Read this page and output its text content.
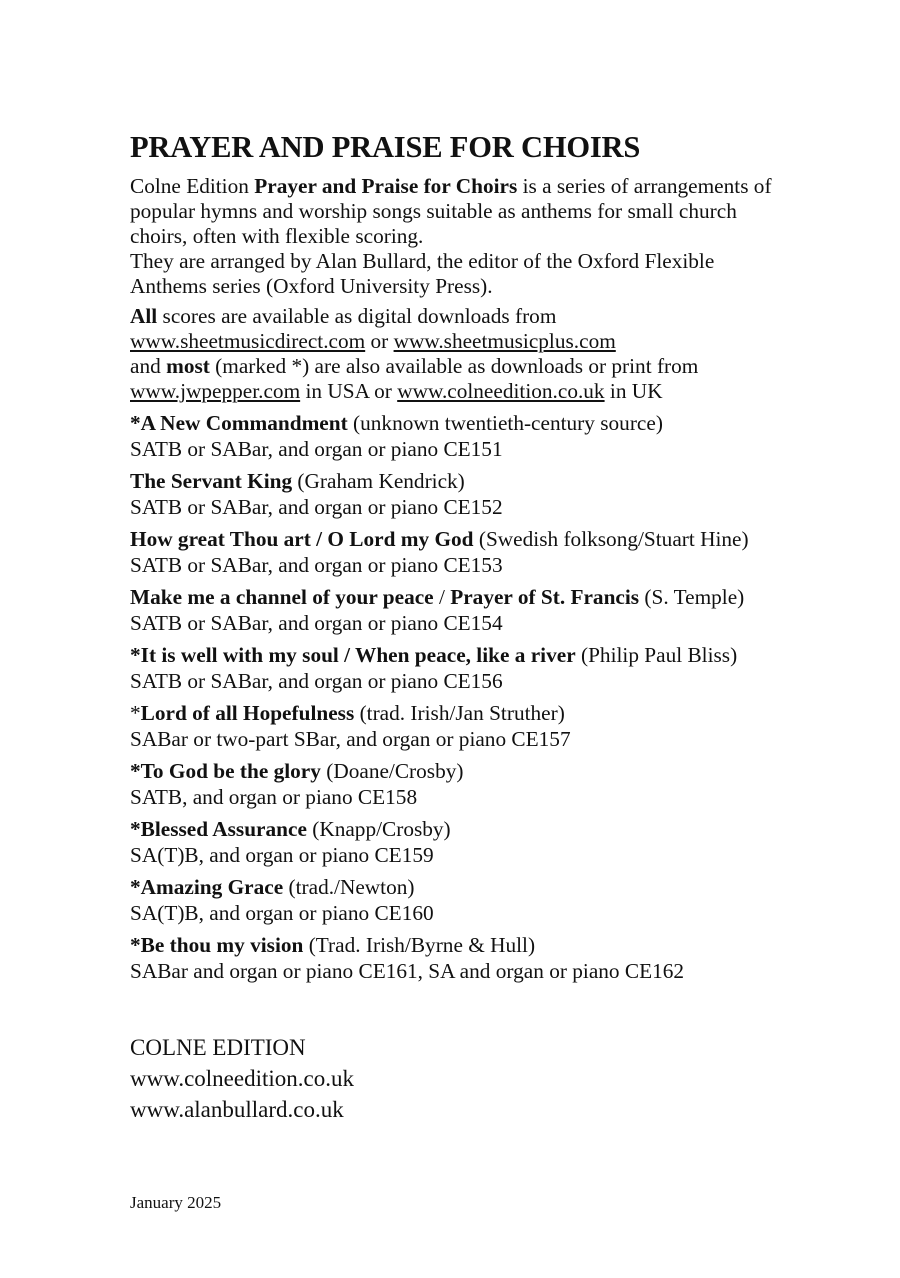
PRAYER AND PRAISE FOR CHOIRS

Colne Edition Prayer and Praise for Choirs is a series of arrangements of popular hymns and worship songs suitable as anthems for small church choirs, often with flexible scoring.

They are arranged by Alan Bullard, the editor of the Oxford Flexible Anthems series (Oxford University Press).

All scores are available as digital downloads from

www.sheetmusicdirect.com or www.sheetmusicplus.com

and most (marked *) are also available as downloads or print from

www.jwpepper.com in USA or www.colneedition.co.uk in UK

*A New Commandment (unknown twentieth-century source)

SATB or SABar, and organ or piano CE151

The Servant King (Graham Kendrick)

SATB or SABar, and organ or piano CE152

How great Thou art / O Lord my God (Swedish folksong/Stuart Hine)

SATB or SABar, and organ or piano CE153

Make me a channel of your peace / Prayer of St. Francis (S. Temple)

SATB or SABar, and organ or piano CE154

*It is well with my soul / When peace, like a river (Philip Paul Bliss)

SATB or SABar, and organ or piano CE156

*Lord of all Hopefulness (trad. Irish/Jan Struther)

SABar or two-part SBar, and organ or piano CE157

*To God be the glory (Doane/Crosby)

SATB, and organ or piano CE158

*Blessed Assurance (Knapp/Crosby)

SA(T)B, and organ or piano CE159

*Amazing Grace (trad./Newton)

SA(T)B, and organ or piano CE160

*Be thou my vision (Trad. Irish/Byrne & Hull)

SABar and organ or piano CE161, SA and organ or piano CE162

COLNE EDITION

www.colneedition.co.uk

www.alanbullard.co.uk

January 2025
